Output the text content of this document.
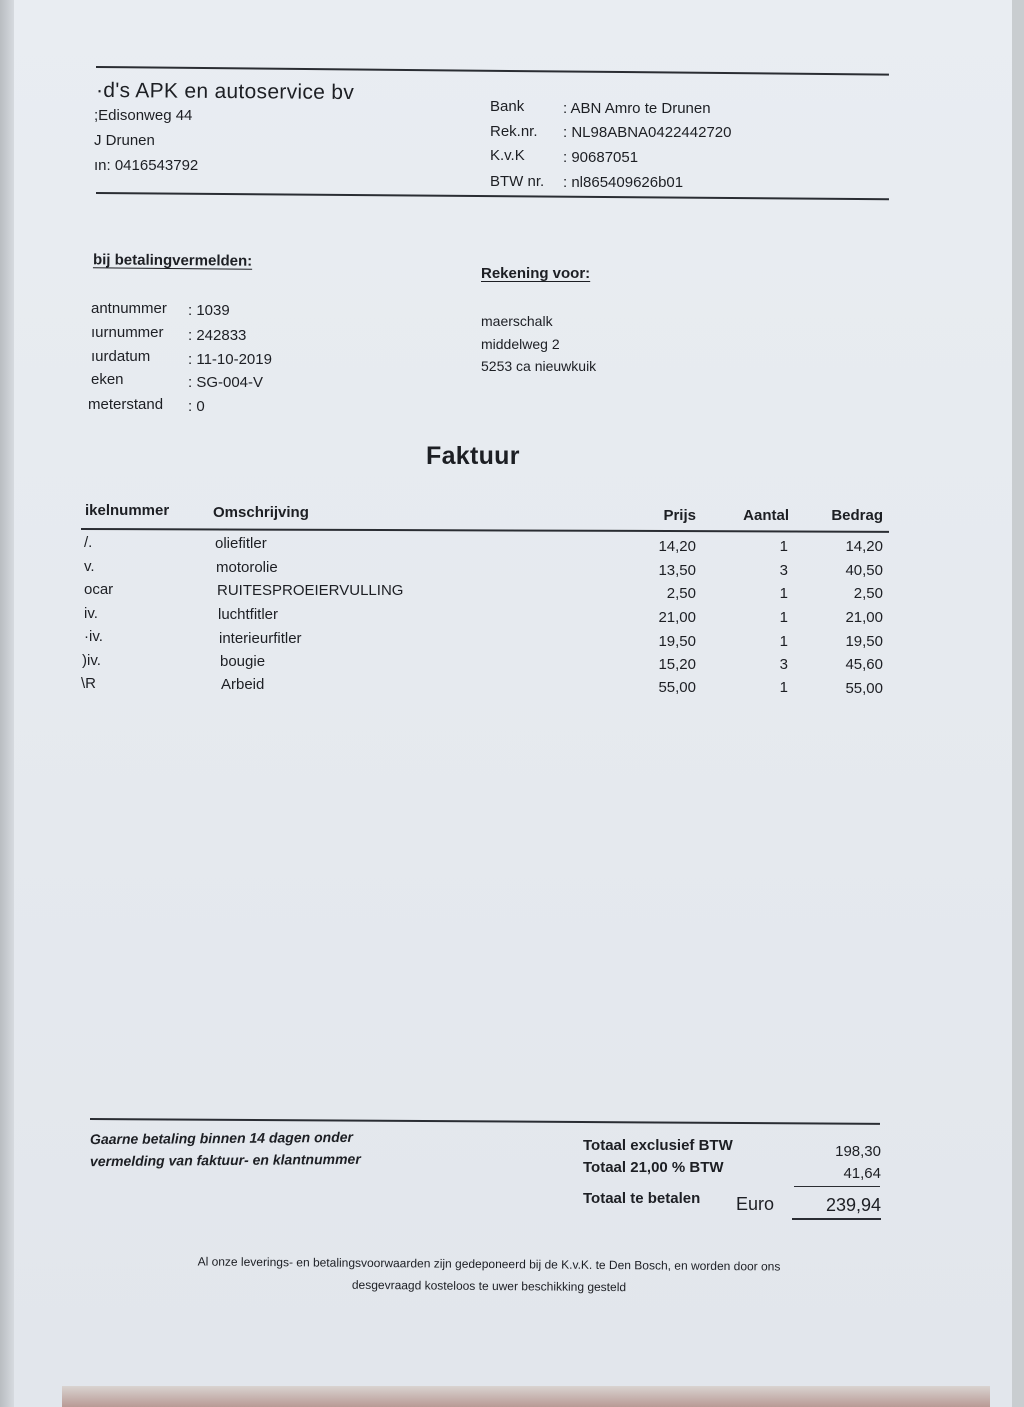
·d's APK en autoservice bv
;Edisonweg 44
J Drunen
ın: 0416543792
Bank	: ABN Amro te Drunen
Rek.nr. : NL98ABNA0422442720
K.v.K	: 90687051
BTW nr. : nl865409626b01
bij betalingvermelden:
antnummer : 1039
ıurnummer : 242833
ıurdatum	: 11-10-2019
eken	: SG-004-V
meterstand : 0
Rekening voor:
maerschalk
middelweg 2
5253 ca nieuwkuik
Faktuur
ikelnummer	Omschrijving	Prijs	Aantal	Bedrag
/.	oliefitler	14,20	1	14,20
v.	motorolie	13,50	3	40,50
ocar	RUITESPROEIERVULLING	2,50	1	2,50
iv.	luchtfitler	21,00	1	21,00
·iv.	interieurfitler	19,50	1	19,50
)iv.	bougie	15,20	3	45,60
\R	Arbeid	55,00	1	55,00
Gaarne betaling binnen 14 dagen onder
vermelding van faktuur- en klantnummer
Totaal exclusief BTW	198,30
Totaal 21,00 % BTW	41,64
Totaal te betalen Euro	239,94
Al onze leverings- en betalingsvoorwaarden zijn gedeponeerd bij de K.v.K. te Den Bosch, en worden door ons
desgevraagd kosteloos te uwer beschikking gesteld
